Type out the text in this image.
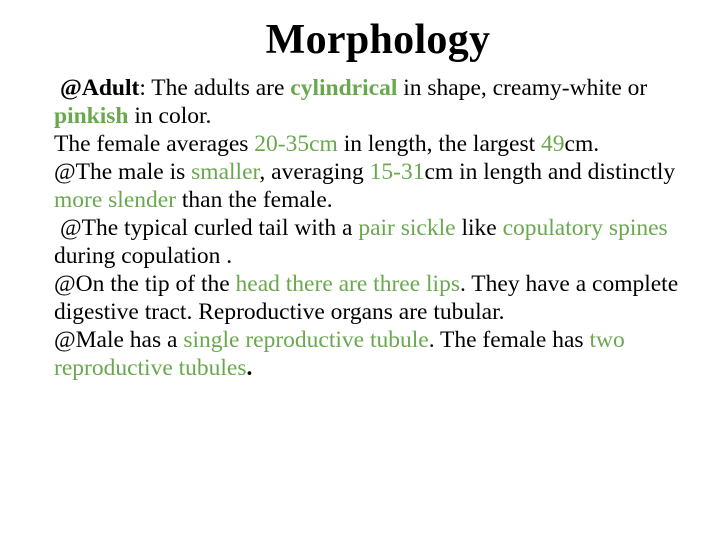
Morphology

@Adult: The adults are cylindrical in shape, creamy-white or pinkish in color.

The female averages 20-35cm in length, the largest 49cm.

@The male is smaller, averaging 15-31cm in length and distinctly more slender than the female.

@The typical curled tail with a pair sickle like copulatory spines during copulation .

@On the tip of the head there are three lips. They have a complete digestive tract. Reproductive organs are tubular.

@Male has a single reproductive tubule. The female has two reproductive tubules.
